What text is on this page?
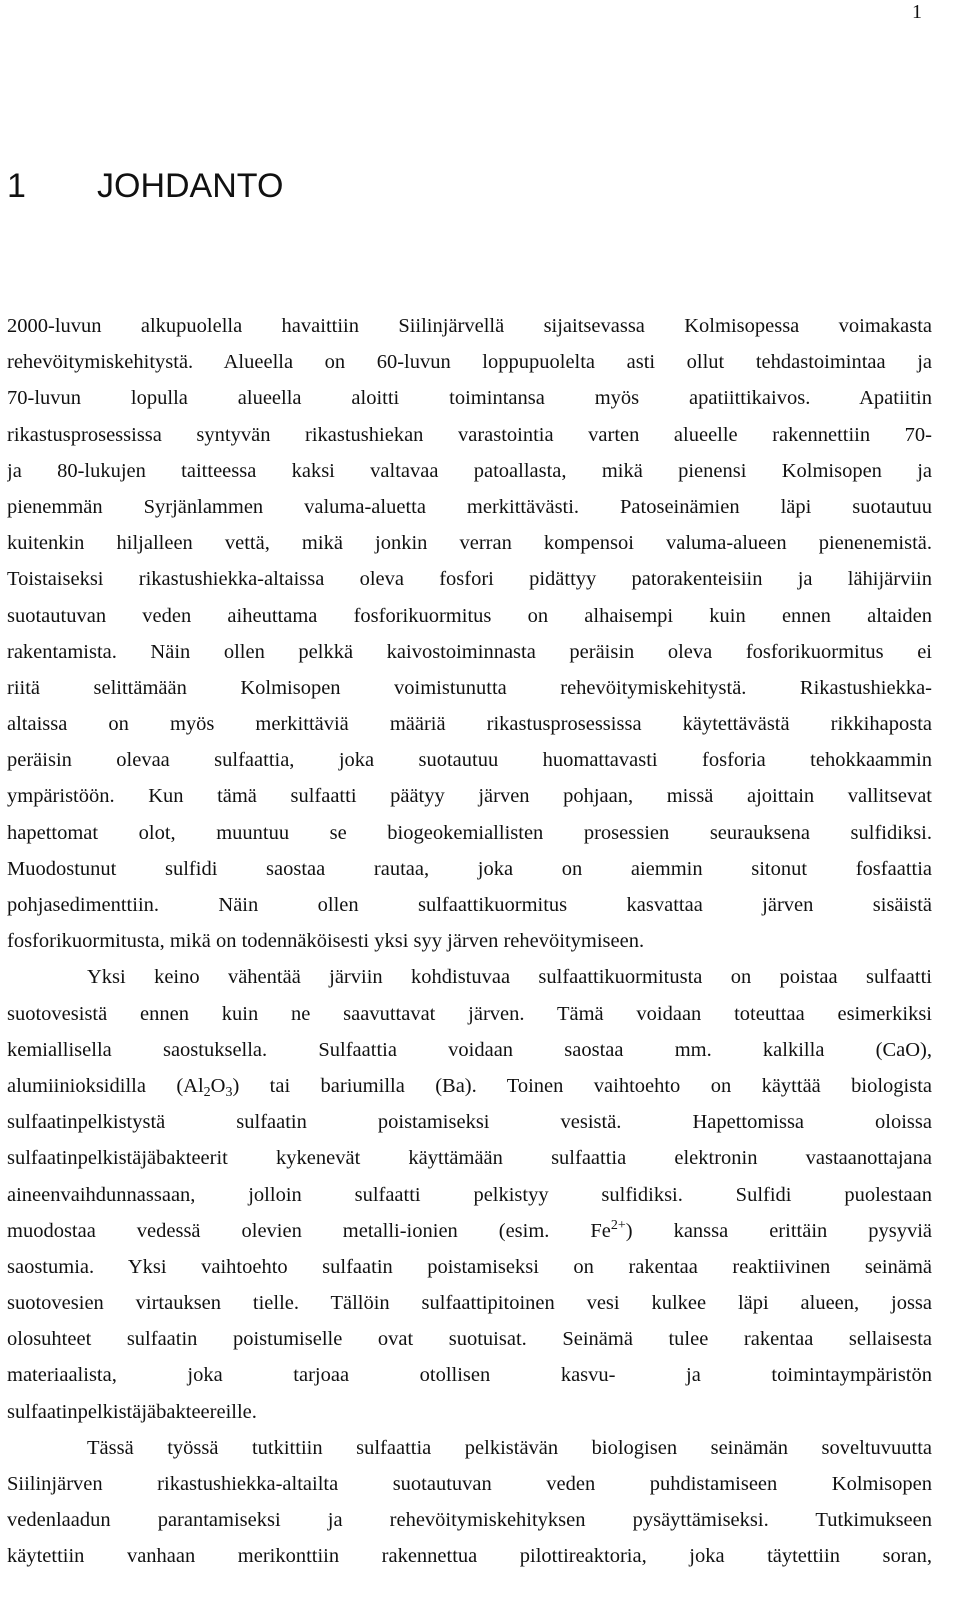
1
1 JOHDANTO
2000-luvun alkupuolella havaittiin Siilinjärvellä sijaitsevassa Kolmisopessa voimakasta
rehevöitymiskehitystä. Alueella on 60-luvun loppupuolelta asti ollut tehdastoimintaa ja
70-luvun lopulla alueella aloitti toimintansa myös apatiittikaivos. Apatiitin
rikastusprosessissa syntyvän rikastushiekan varastointia varten alueelle rakennettiin 70-
ja 80-lukujen taitteessa kaksi valtavaa patoallasta, mikä pienensi Kolmisopen ja
pienemmän Syrjänlammen valuma-aluetta merkittävästi. Patoseinämien läpi suotautuu
kuitenkin hiljalleen vettä, mikä jonkin verran kompensoi valuma-alueen pienenemistä.
Toistaiseksi rikastushiekka-altaissa oleva fosfori pidättyy patorakenteisiin ja lähijärviin
suotautuvan veden aiheuttama fosforikuormitus on alhaisempi kuin ennen altaiden
rakentamista. Näin ollen pelkkä kaivostoiminnasta peräisin oleva fosforikuormitus ei
riitä selittämään Kolmisopen voimistunutta rehevöitymiskehitystä. Rikastushiekka-
altaissa on myös merkittäviä määriä rikastusprosessissa käytettävästä rikkihaposta
peräisin olevaa sulfaattia, joka suotautuu huomattavasti fosforia tehokkaammin
ympäristöön. Kun tämä sulfaatti päätyy järven pohjaan, missä ajoittain vallitsevat
hapettomat olot, muuntuu se biogeokemiallisten prosessien seurauksena sulfidiksi.
Muodostunut sulfidi saostaa rautaa, joka on aiemmin sitonut fosfaattia
pohjasedimenttiin. Näin ollen sulfaattikuormitus kasvattaa järven sisäistä
fosforikuormitusta, mikä on todennäköisesti yksi syy järven rehevöitymiseen.
Yksi keino vähentää järviin kohdistuvaa sulfaattikuormitusta on poistaa sulfaatti
suotovesistä ennen kuin ne saavuttavat järven. Tämä voidaan toteuttaa esimerkiksi
kemiallisella saostuksella. Sulfaattia voidaan saostaa mm. kalkilla (CaO),
alumiinioksidilla $(Al_2O_3)$ tai bariumilla (Ba). Toinen vaihtoehto on käyttää biologista
sulfaatinpelkistystä sulfaatin poistamiseksi vesistä. Hapettomissa oloissa
sulfaatinpelkistäjäbakteerit kykenevät käyttämään sulfaattia elektronin vastaanottajana
aineenvaihdunnassaan, jolloin sulfaatti pelkistyy sulfidiksi. Sulfidi puolestaan
muodostaa vedessä olevien metalli-ionien (esim. $Fe^{2+}$) kanssa erittäin pysyviä
saostumia. Yksi vaihtoehto sulfaatin poistamiseksi on rakentaa reaktiivinen seinämä
suotovesien virtauksen tielle. Tällöin sulfaattipitoinen vesi kulkee läpi alueen, jossa
olosuhteet sulfaatin poistumiselle ovat suotuisat. Seinämä tulee rakentaa sellaisesta
materiaalista, joka tarjoaa otollisen kasvu- ja toimintaympäristön
sulfaatinpelkistäjäbakteereille.
Tässä työssä tutkittiin sulfaattia pelkistävän biologisen seinämän soveltuvuutta
Siilinjärven rikastushiekka-altailta suotautuvan veden puhdistamiseen Kolmisopen
vedenlaadun parantamiseksi ja rehevöitymiskehityksen pysäyttämiseksi. Tutkimukseen
käytettiin vanhaan merikonttiin rakennettua pilottireaktoria, joka täytettiin soran,
